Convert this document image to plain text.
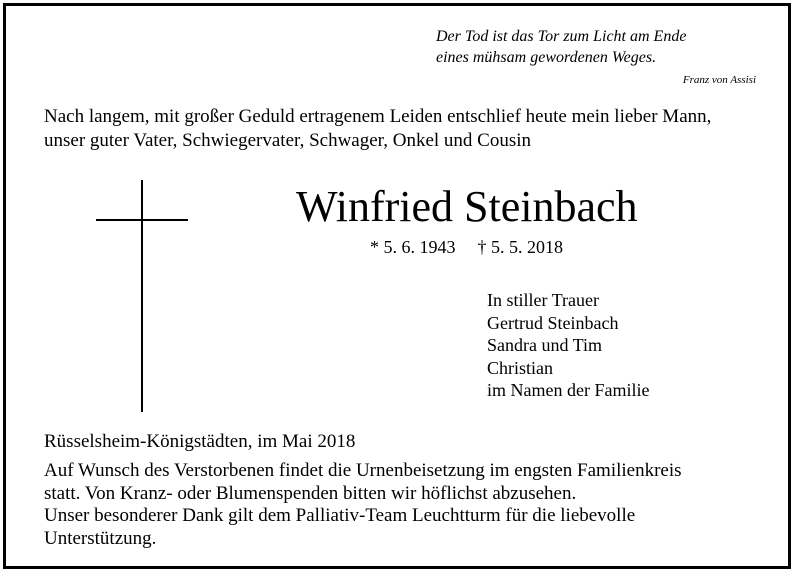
Der Tod ist das Tor zum Licht am Ende
eines mühsam gewordenen Weges.
Franz von Assisi
Nach langem, mit großer Geduld ertragenem Leiden entschlief heute mein lieber Mann,
unser guter Vater, Schwiegervater, Schwager, Onkel und Cousin
Winfried Steinbach
* 5. 6. 1943 † 5. 5. 2018
In stiller Trauer
Gertrud Steinbach
Sandra und Tim
Christian
im Namen der Familie
Rüsselsheim-Königstädten, im Mai 2018
Auf Wunsch des Verstorbenen findet die Urnenbeisetzung im engsten Familienkreis
statt. Von Kranz- oder Blumenspenden bitten wir höflichst abzusehen.
Unser besonderer Dank gilt dem Palliativ-Team Leuchtturm für die liebevolle
Unterstützung.
